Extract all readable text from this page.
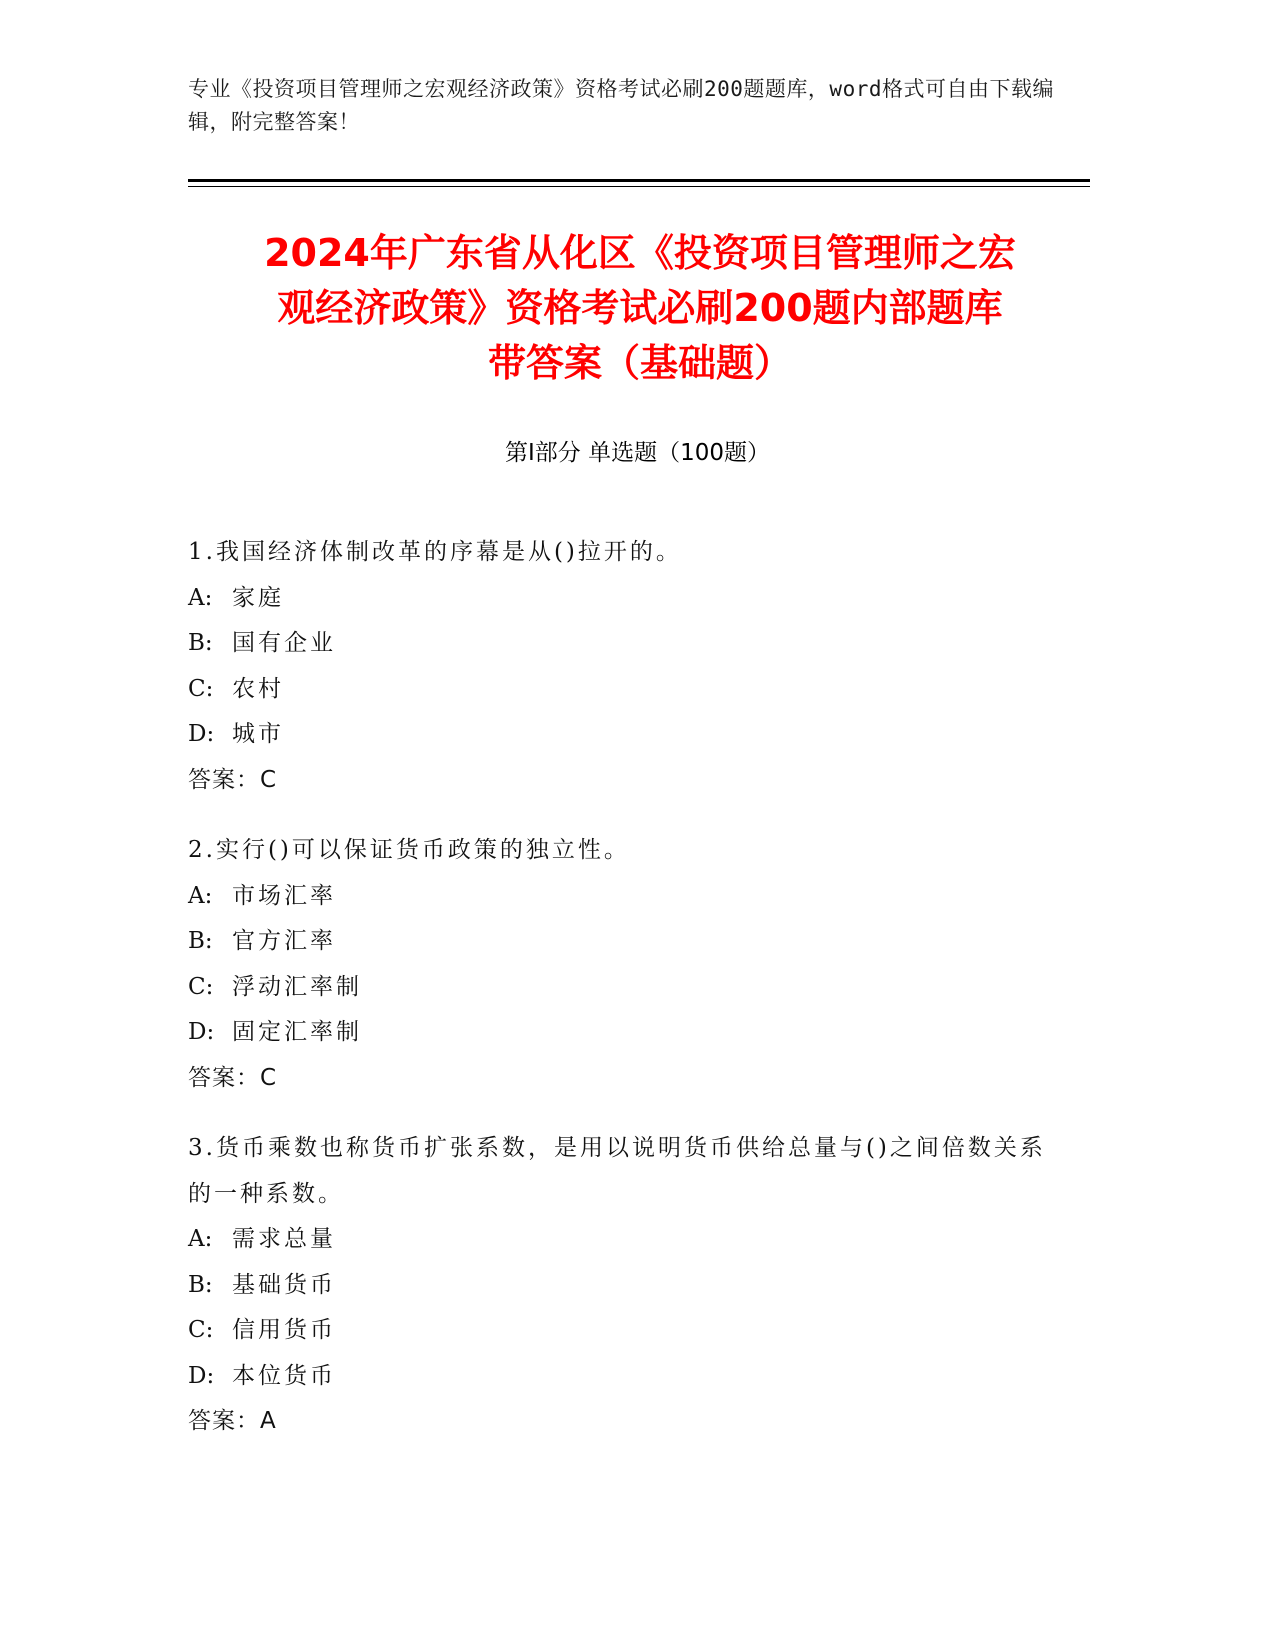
专业《投资项目管理师之宏观经济政策》资格考试必刷200题题库，word格式可自由下载编辑，附完整答案！
2024年广东省从化区《投资项目管理师之宏
观经济政策》资格考试必刷200题内部题库
带答案（基础题）
第I部分 单选题（100题）
1.我国经济体制改革的序幕是从()拉开的。
A: 家庭
B: 国有企业
C: 农村
D: 城市
答案：C
2.实行()可以保证货币政策的独立性。
A: 市场汇率
B: 官方汇率
C: 浮动汇率制
D: 固定汇率制
答案：C
3.货币乘数也称货币扩张系数，是用以说明货币供给总量与()之间倍数关系的一种系数。
A: 需求总量
B: 基础货币
C: 信用货币
D: 本位货币
答案：A
